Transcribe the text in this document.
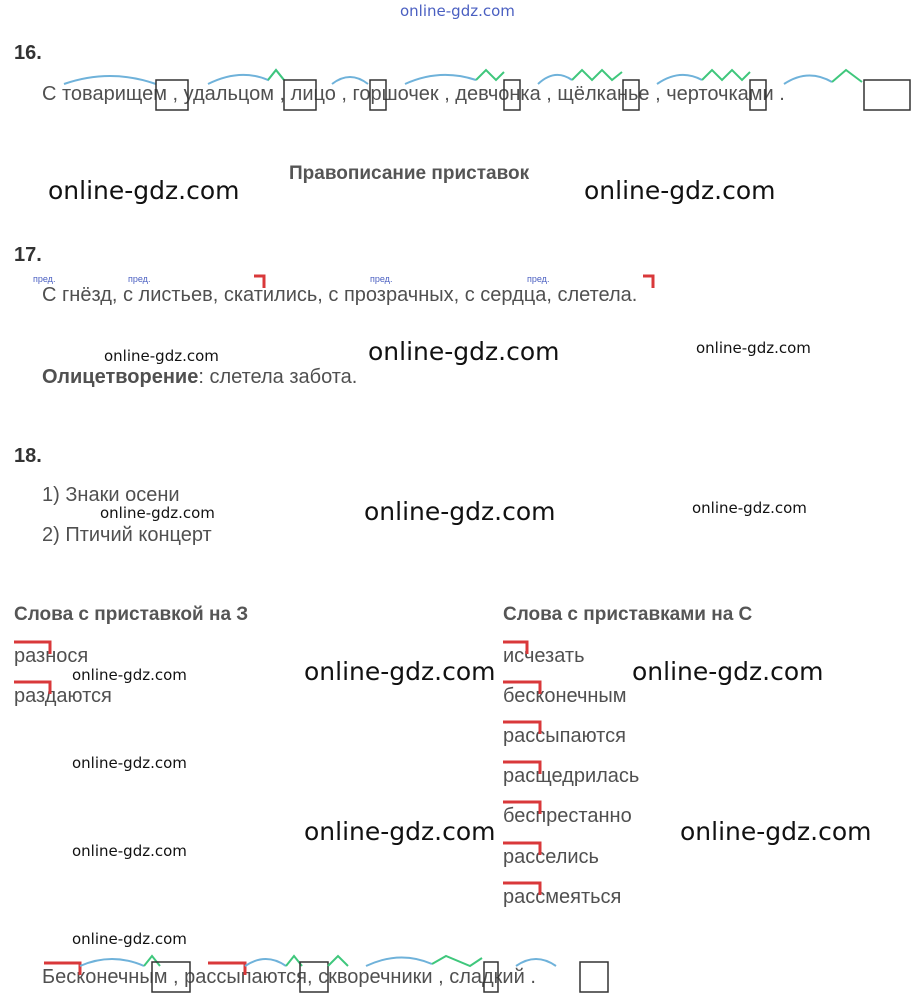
online-gdz.com
16.
С товарищем , удальцом , лицо , горшочек , девчонка , щёлканье , черточками .
Правописание приставок
17.
пред.	пред.	пред.	пред.
С гнёзд, с листьев, скатились, с прозрачных, с сердца, слетела.
Олицетворение: слетела забота.
18.
1) Знаки осени
2) Птичий концерт
Слова с приставкой на З
разнося
раздаются
Слова с приставками на С
исчезать
бесконечным
рассыпаются
расщедрилась
беспрестанно
расселись
рассмеяться
Бесконечным , рассыпаются, скворечники , сладкий .
online-gdz.com	online-gdz.com
online-gdz.com	online-gdz.com	online-gdz.com
online-gdz.com	online-gdz.com	online-gdz.com
online-gdz.com	online-gdz.com	online-gdz.com
online-gdz.com
online-gdz.com
online-gdz.com	online-gdz.com
online-gdz.com
